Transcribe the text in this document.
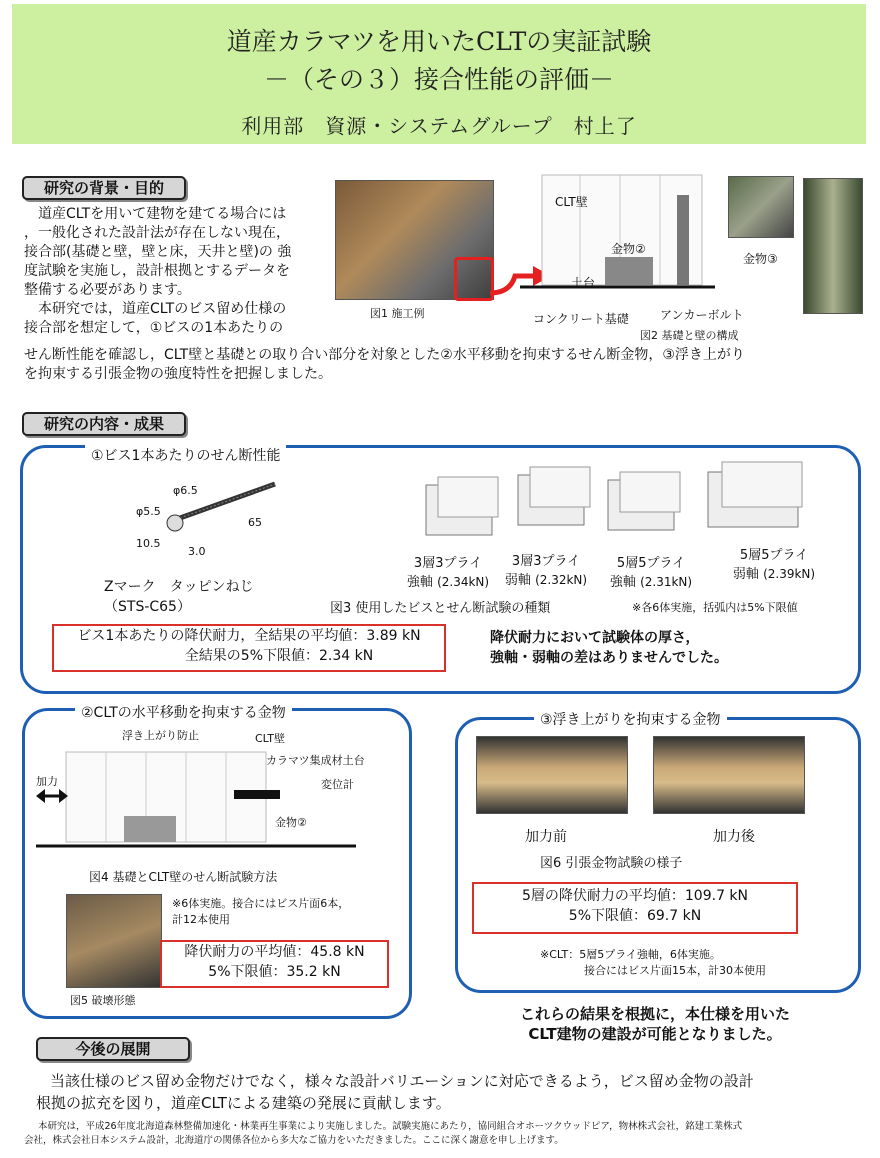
道産カラマツを用いたCLTの実証試験
－（その３）接合性能の評価－
利用部　資源・システムグループ　村上了
研究の背景・目的
道産CLTを用いて建物を建てる場合には
，一般化された設計法が存在しない現在，
接合部(基礎と壁，壁と床，天井と壁)の 強
度試験を実施し，設計根拠とするデータを
整備する必要があります。
本研究では，道産CLTのビス留め仕様の
接合部を想定して，①ビスの1本あたりの
せん断性能を確認し，CLT壁と基礎との取り合い部分を対象とした②水平移動を拘束するせん断金物，③浮き上がり
を拘束する引張金物の強度特性を把握しました。
図1 施工例
CLT壁
金物②
土台
コンクリート基礎	アンカーボルト
図2 基礎と壁の構成
金物③
研究の内容・成果
①ビス1本あたりのせん断性能
φ6.5
φ5.5
65
10.5
3.0
Zマーク　タッピンねじ
（STS-C65）
3層3プライ
強軸 (2.34kN)
3層3プライ
弱軸 (2.32kN)
5層5プライ
強軸 (2.31kN)
5層5プライ
弱軸 (2.39kN)
図3 使用したビスとせん断試験の種類	※各6体実施，括弧内は5%下限値
ビス1本あたりの降伏耐力，全結果の平均値：3.89 kN
全結果の5%下限値：2.34 kN
降伏耐力において試験体の厚さ，
強軸・弱軸の差はありませんでした。
②CLTの水平移動を拘束する金物
浮き上がり防止	CLT壁
カラマツ集成材土台
加力	変位計
金物②
図4 基礎とCLT壁のせん断試験方法
図5 破壊形態
※6体実施。接合にはビス片面6本，
計12本使用
降伏耐力の平均値：45.8 kN
5%下限値：35.2 kN
③浮き上がりを拘束する金物
加力前	加力後
図6 引張金物試験の様子
5層の降伏耐力の平均値：109.7 kN
5%下限値：69.7 kN
※CLT：5層5プライ強軸，6体実施。
接合にはビス片面15本，計30本使用
これらの結果を根拠に，本仕様を用いた
CLT建物の建設が可能となりました。
今後の展開
当該仕様のビス留め金物だけでなく，様々な設計バリエーションに対応できるよう，ビス留め金物の設計
根拠の拡充を図り，道産CLTによる建築の発展に貢献します。
本研究は，平成26年度北海道森林整備加速化・林業再生事業により実施しました。試験実施にあたり，協同組合オホーツクウッドピア，物林株式会社，銘建工業株式
会社，株式会社日本システム設計，北海道庁の関係各位から多大なご協力をいただきました。ここに深く謝意を申し上げます。
